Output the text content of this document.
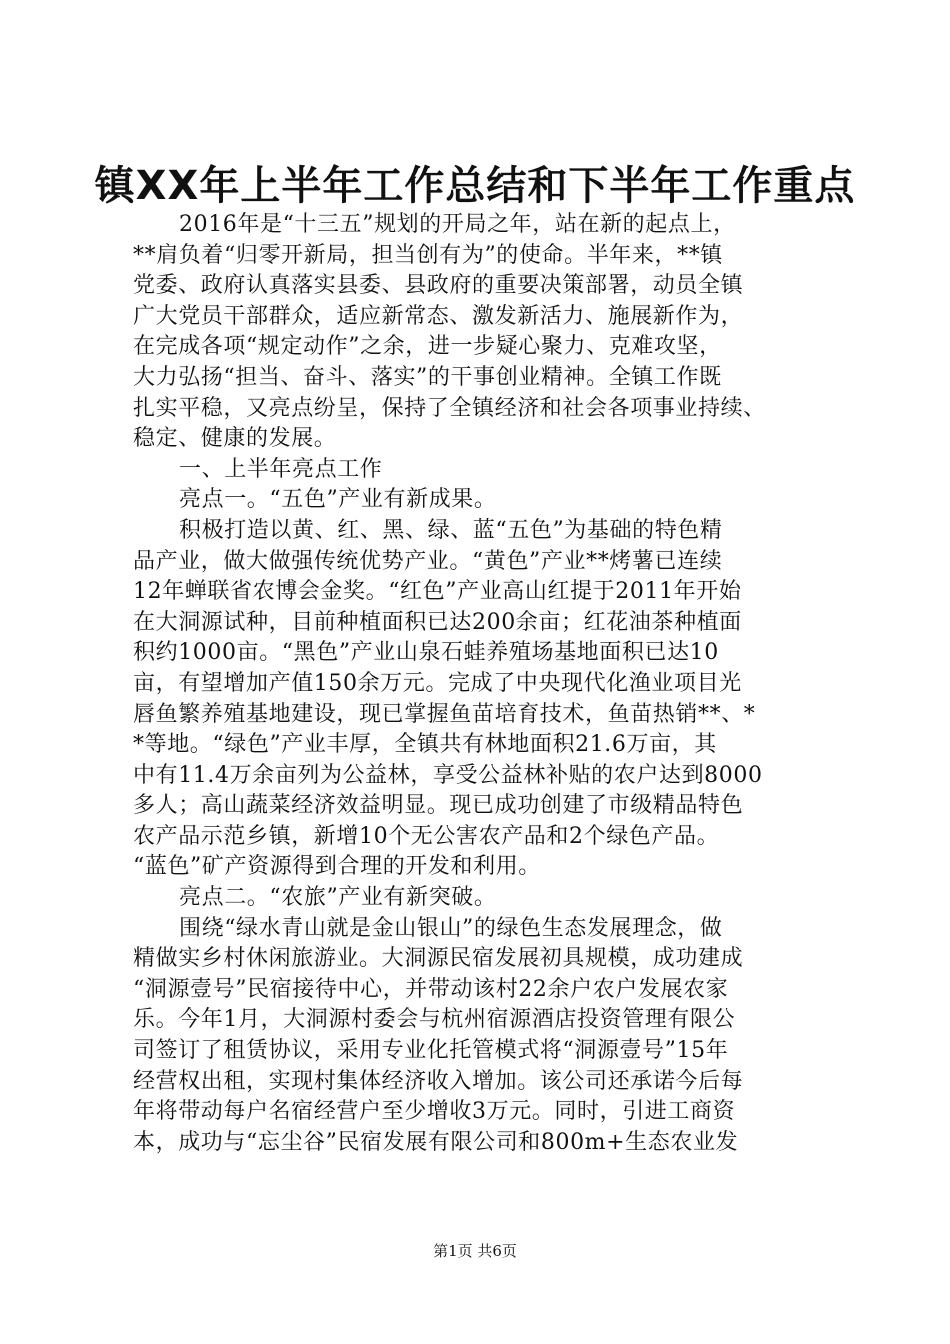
镇XX年上半年工作总结和下半年工作重点
2016年是“十三五”规划的开局之年，站在新的起点上，
**肩负着“归零开新局，担当创有为”的使命。半年来，**镇
党委、政府认真落实县委、县政府的重要决策部署，动员全镇
广大党员干部群众，适应新常态、激发新活力、施展新作为，
在完成各项“规定动作”之余，进一步疑心聚力、克难攻坚，
大力弘扬“担当、奋斗、落实”的干事创业精神。全镇工作既
扎实平稳，又亮点纷呈，保持了全镇经济和社会各项事业持续、
稳定、健康的发展。
一、上半年亮点工作
亮点一。“五色”产业有新成果。
积极打造以黄、红、黑、绿、蓝“五色”为基础的特色精
品产业，做大做强传统优势产业。“黄色”产业**烤薯已连续
12年蝉联省农博会金奖。“红色”产业高山红提于2011年开始
在大洞源试种，目前种植面积已达200余亩；红花油茶种植面
积约1000亩。“黑色”产业山泉石蛙养殖场基地面积已达10
亩，有望增加产值150余万元。完成了中央现代化渔业项目光
唇鱼繁养殖基地建设，现已掌握鱼苗培育技术，鱼苗热销**、*
*等地。“绿色”产业丰厚，全镇共有林地面积21.6万亩，其
中有11.4万余亩列为公益林，享受公益林补贴的农户达到8000
多人；高山蔬菜经济效益明显。现已成功创建了市级精品特色
农产品示范乡镇，新增10个无公害农产品和2个绿色产品。
“蓝色”矿产资源得到合理的开发和利用。
亮点二。“农旅”产业有新突破。
围绕“绿水青山就是金山银山”的绿色生态发展理念，做
精做实乡村休闲旅游业。大洞源民宿发展初具规模，成功建成
“洞源壹号”民宿接待中心，并带动该村22余户农户发展农家
乐。今年1月，大洞源村委会与杭州宿源酒店投资管理有限公
司签订了租赁协议，采用专业化托管模式将“洞源壹号”15年
经营权出租，实现村集体经济收入增加。该公司还承诺今后每
年将带动每户名宿经营户至少增收3万元。同时，引进工商资
本，成功与“忘尘谷”民宿发展有限公司和800m+生态农业发
第1页 共6页
